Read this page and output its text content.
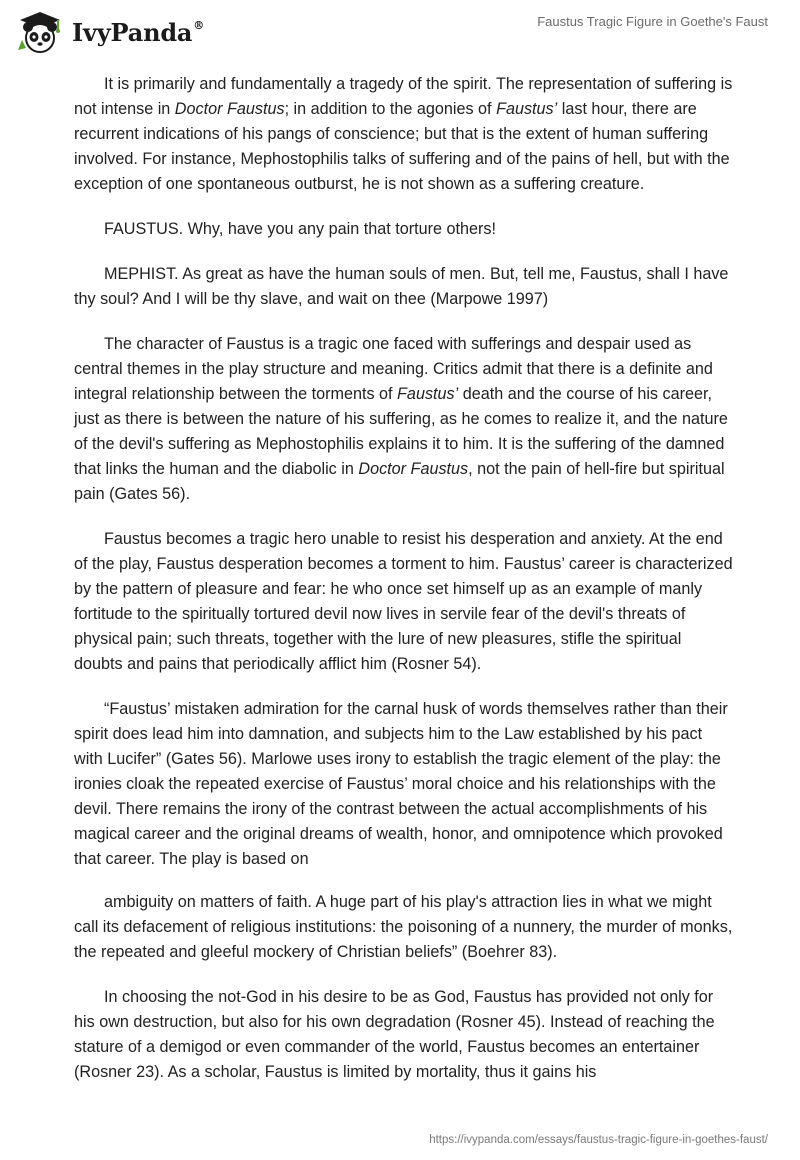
IvyPanda®	Faustus Tragic Figure in Goethe's Faust

It is primarily and fundamentally a tragedy of the spirit. The representation of suffering is not intense in Doctor Faustus; in addition to the agonies of Faustus’ last hour, there are recurrent indications of his pangs of conscience; but that is the extent of human suffering involved. For instance, Mephostophilis talks of suffering and of the pains of hell, but with the exception of one spontaneous outburst, he is not shown as a suffering creature.

FAUSTUS. Why, have you any pain that torture others!

MEPHIST. As great as have the human souls of men. But, tell me, Faustus, shall I have thy soul? And I will be thy slave, and wait on thee (Marpowe 1997)

The character of Faustus is a tragic one faced with sufferings and despair used as central themes in the play structure and meaning. Critics admit that there is a definite and integral relationship between the torments of Faustus’ death and the course of his career, just as there is between the nature of his suffering, as he comes to realize it, and the nature of the devil's suffering as Mephostophilis explains it to him. It is the suffering of the damned that links the human and the diabolic in Doctor Faustus, not the pain of hell-fire but spiritual pain (Gates 56).

Faustus becomes a tragic hero unable to resist his desperation and anxiety. At the end of the play, Faustus desperation becomes a torment to him. Faustus’ career is characterized by the pattern of pleasure and fear: he who once set himself up as an example of manly fortitude to the spiritually tortured devil now lives in servile fear of the devil's threats of physical pain; such threats, together with the lure of new pleasures, stifle the spiritual doubts and pains that periodically afflict him (Rosner 54).

“Faustus’ mistaken admiration for the carnal husk of words themselves rather than their spirit does lead him into damnation, and subjects him to the Law established by his pact with Lucifer” (Gates 56). Marlowe uses irony to establish the tragic element of the play: the ironies cloak the repeated exercise of Faustus’ moral choice and his relationships with the devil. There remains the irony of the contrast between the actual accomplishments of his magical career and the original dreams of wealth, honor, and omnipotence which provoked that career. The play is based on

ambiguity on matters of faith. A huge part of his play's attraction lies in what we might call its defacement of religious institutions: the poisoning of a nunnery, the murder of monks, the repeated and gleeful mockery of Christian beliefs” (Boehrer 83).

In choosing the not-God in his desire to be as God, Faustus has provided not only for his own destruction, but also for his own degradation (Rosner 45). Instead of reaching the stature of a demigod or even commander of the world, Faustus becomes an entertainer (Rosner 23). As a scholar, Faustus is limited by mortality, thus it gains his

https://ivypanda.com/essays/faustus-tragic-figure-in-goethes-faust/
